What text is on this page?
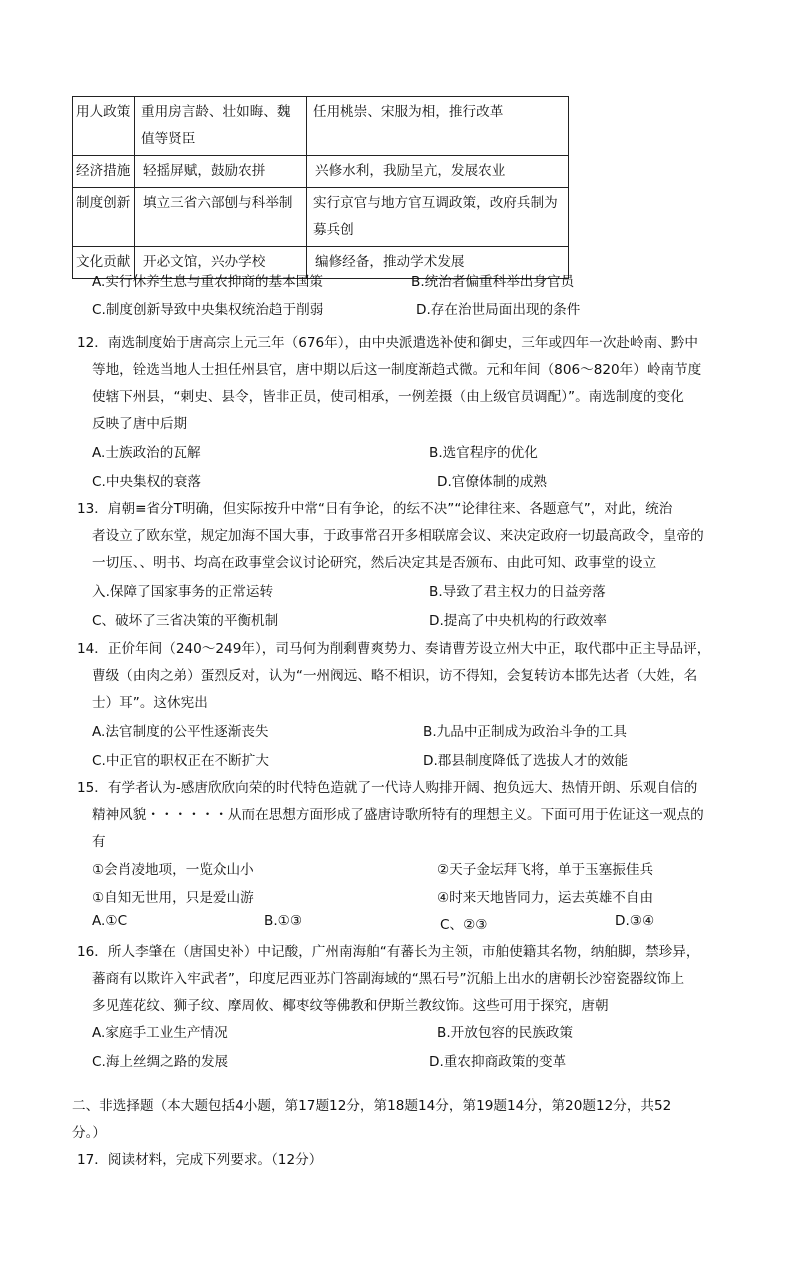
用人政策	重用房言龄、壮如晦、魏值等贤臣	任用桃崇、宋服为相，推行改革
经济措施	轻摇屏赋，鼓励农拼	兴修水利，我励呈亢，发展农业
制度创新	填立三省六部刨与科举制	实行京官与地方官互调政策，改府兵制为募兵创
文化贡献	开必文馆，兴办学校	编修经备，推动学术发展
A.实行休养生息与重农抑商的基本国策	B.统治者偏重科举出身官员
C.制度创新导致中央集权统治趋于削弱	D.存在治世局面出现的条件
12．南选制度始于唐高宗上元三年（676年），由中央派遣选补使和御史，三年或四年一次赴岭南、黔中
等地，铨选当地人士担任州县官，唐中期以后这一制度渐趋式微。元和年间（806～820年）岭南节度
使辖下州县，“剌史、县令，皆非正员，使司相承，一例差摄（由上级官员调配）”。南选制度的变化
反映了唐中后期
A.士族政治的瓦解	B.选官程序的优化
C.中央集权的衰落	D.官僚体制的成熟
13．肩朝≡省分T明确，但实际按升中常“日有争论，的纭不决”“论律往来、各题意气”，对此，统治
者设立了欧东堂，规定加海不国大事，于政事常召开多相联席会议、来决定政府一切最高政令，皇帝的
一切压、、明书、均高在政事堂会议讨论研究，然后决定其是否颁布、由此可知、政事堂的设立
入.保障了国家事务的正常运转	B.导致了君主权力的日益旁落
C、破坏了三省决策的平衡机制	D.提高了中央机构的行政效率
14．正价年间（240～249年），司马何为削剩曹爽势力、奏请曹芳设立州大中正，取代郡中正主导品评，
曹级（由肉之弟）蛋烈反对，认为“一州阀远、略不相识，访不得知，会复转访本邯先达者（大姓，名
士）耳”。这休宪出
A.法官制度的公平性逐渐丧失	B.九品中正制成为政治斗争的工具
C.中正官的职权正在不断扩大	D.郡县制度降低了选拔人才的效能
15．有学者认为-感唐欣欣向荣的时代特色造就了一代诗人购排开阔、抱负远大、热情开朗、乐观自信的
精神风貌・・・・・・从而在思想方面形成了盛唐诗歌所特有的理想主义。下面可用于佐证这一观点的
有
①会肖凌地项，一览众山小	②天子金坛拜飞将，单于玉塞振佳兵
①自知无世用，只是爱山游	④时来天地皆同力，运去英雄不自由
A.①C	B.①③	C、②③	D.③④
16．所人李肇在（唐国史补）中记酸，广州南海舶“有蕃长为主领，市舶使籍其名物，纳舶脚，禁珍异，
蕃商有以欺许入牢武者”，印度尼西亚苏门答副海域的“黑石号”沉船上出水的唐朝长沙窑瓷器纹饰上
多见莲花纹、狮子纹、摩周攸、椰枣纹等佛教和伊斯兰教纹饰。这些可用于探究，唐朝
A.家庭手工业生产情况	B.开放包容的民族政策
C.海上丝绸之路的发展	D.重农抑商政策的变革
二、非选择题（本大题包括4小题，第17题12分，第18题14分，第19题14分，第20题12分，共52
分。）
17．阅读材料，完成下列要求。（12分）
